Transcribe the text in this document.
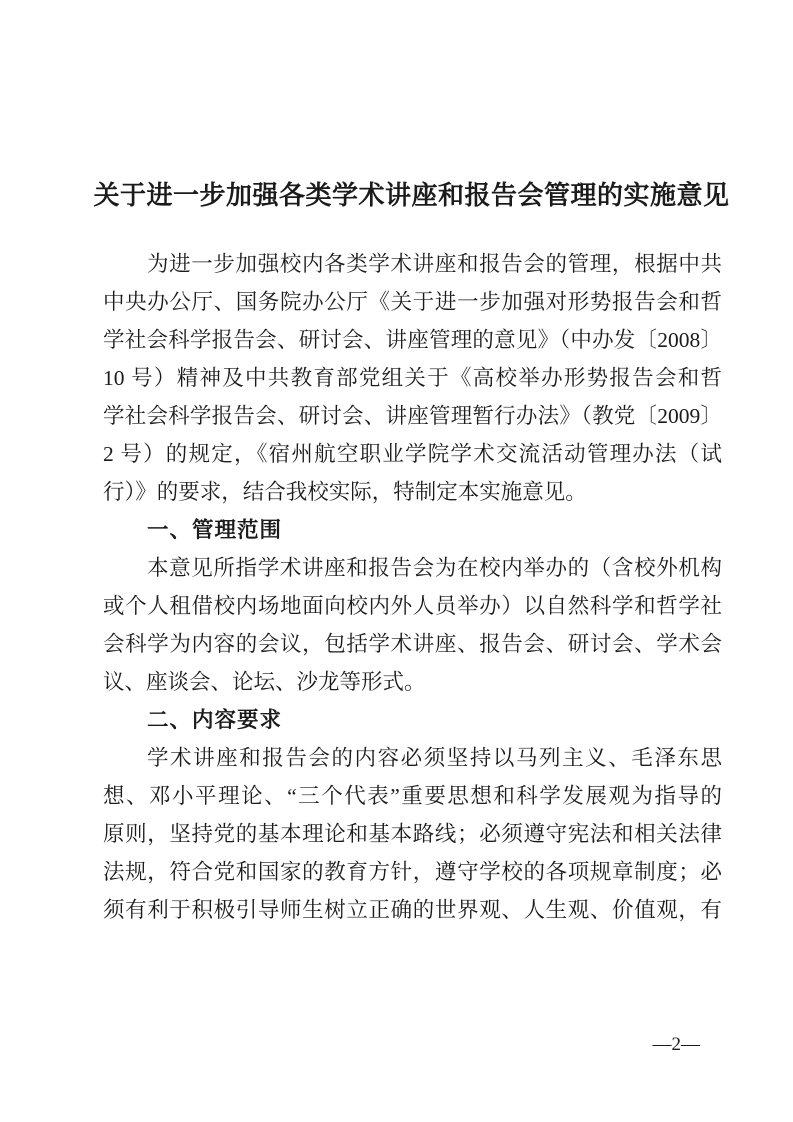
关于进一步加强各类学术讲座和报告会管理的实施意见
为进一步加强校内各类学术讲座和报告会的管理，根据中共
中央办公厅、国务院办公厅《关于进一步加强对形势报告会和哲
学社会科学报告会、研讨会、讲座管理的意见》（中办发〔2008〕
10 号）精神及中共教育部党组关于《高校举办形势报告会和哲
学社会科学报告会、研讨会、讲座管理暂行办法》（教党〔2009〕
2 号）的规定，《宿州航空职业学院学术交流活动管理办法（试
行）》的要求，结合我校实际，特制定本实施意见。
一、管理范围
本意见所指学术讲座和报告会为在校内举办的（含校外机构
或个人租借校内场地面向校内外人员举办）以自然科学和哲学社
会科学为内容的会议，包括学术讲座、报告会、研讨会、学术会
议、座谈会、论坛、沙龙等形式。
二、内容要求
学术讲座和报告会的内容必须坚持以马列主义、毛泽东思
想、邓小平理论、“三个代表”重要思想和科学发展观为指导的
原则，坚持党的基本理论和基本路线；必须遵守宪法和相关法律
法规，符合党和国家的教育方针，遵守学校的各项规章制度；必
须有利于积极引导师生树立正确的世界观、人生观、价值观，有
—2—
